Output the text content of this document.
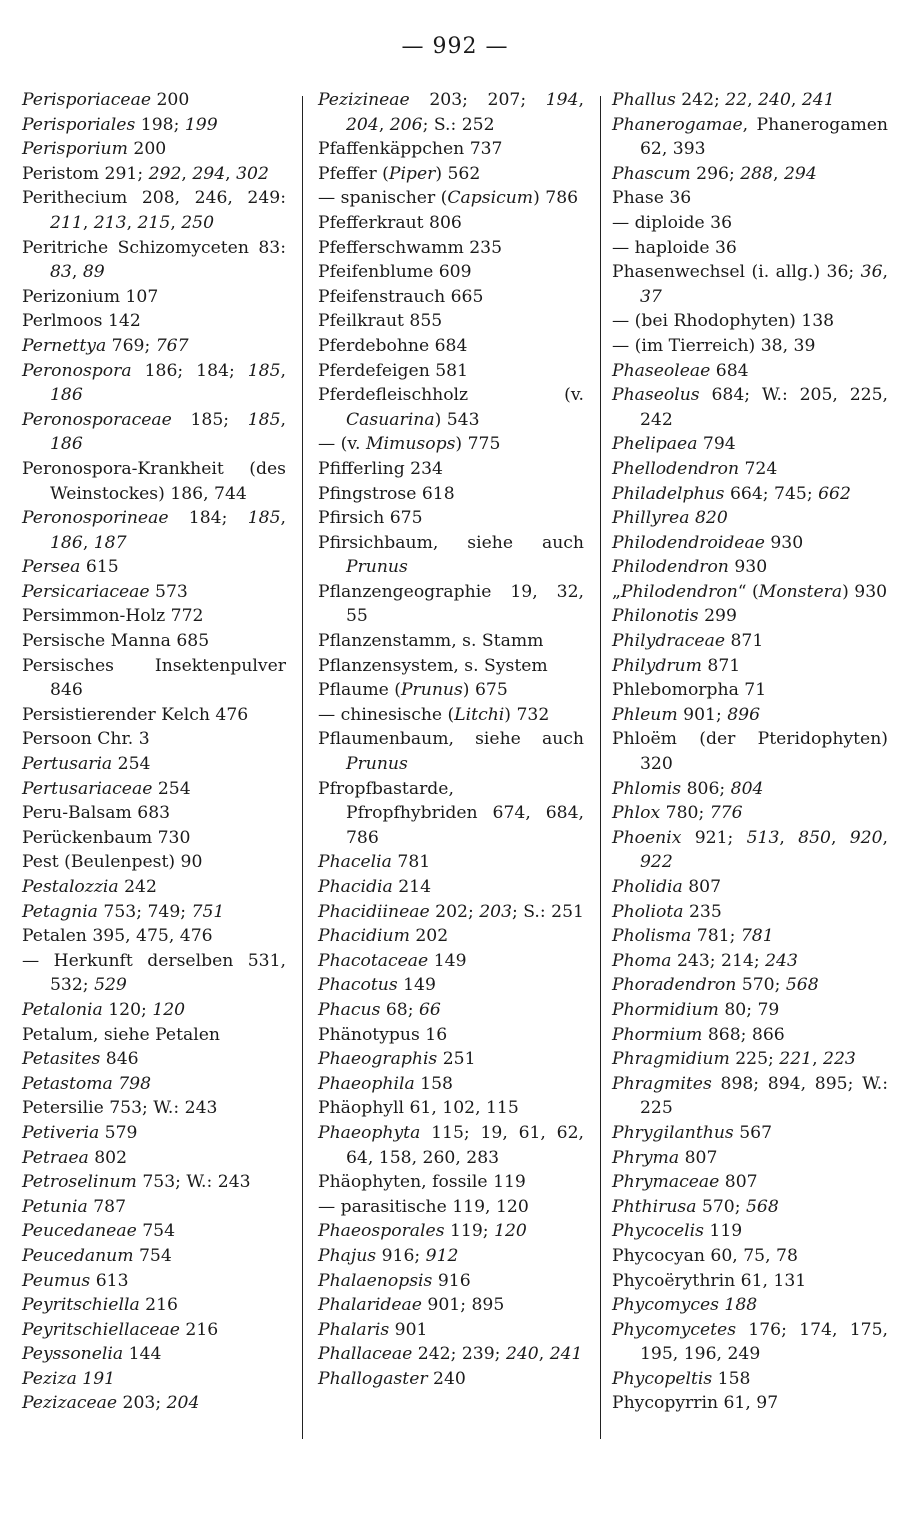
— 992 —
Perisporiaceae 200
Perisporiales 198; 199
Perisporium 200
Peristom 291; 292, 294, 302
Perithecium 208, 246, 249: 211, 213, 215, 250
Peritriche Schizomyceten 83: 83, 89
Perizonium 107
Perlmoos 142
Pernettya 769; 767
Peronospora 186; 184; 185, 186
Peronosporaceae 185; 185, 186
Peronospora-Krankheit (des Weinstockes) 186, 744
Peronosporineae 184; 185, 186, 187
Persea 615
Persicariaceae 573
Persimmon-Holz 772
Persische Manna 685
Persisches Insektenpulver 846
Persistierender Kelch 476
Persoon Chr. 3
Pertusaria 254
Pertusariaceae 254
Peru-Balsam 683
Perückenbaum 730
Pest (Beulenpest) 90
Pestalozzia 242
Petagnia 753; 749; 751
Petalen 395, 475, 476
— Herkunft derselben 531, 532; 529
Petalonia 120; 120
Petalum, siehe Petalen
Petasites 846
Petastoma 798
Petersilie 753; W.: 243
Petiveria 579
Petraea 802
Petroselinum 753; W.: 243
Petunia 787
Peucedaneae 754
Peucedanum 754
Peumus 613
Peyritschiella 216
Peyritschiellaceae 216
Peyssonelia 144
Peziza 191
Pezizaceae 203; 204
Pezizineae 203; 207; 194, 204, 206; S.: 252
Pfaffenkäppchen 737
Pfeffer (Piper) 562
— spanischer (Capsicum) 786
Pfefferkraut 806
Pfefferschwamm 235
Pfeifenblume 609
Pfeifenstrauch 665
Pfeilkraut 855
Pferdebohne 684
Pferdefeigen 581
Pferdefleischholz (v. Casuarina) 543
— (v. Mimusops) 775
Pfifferling 234
Pfingstrose 618
Pfirsich 675
Pfirsichbaum, siehe auch Prunus
Pflanzengeographie 19, 32, 55
Pflanzenstamm, s. Stamm
Pflanzensystem, s. System
Pflaume (Prunus) 675
— chinesische (Litchi) 732
Pflaumenbaum, siehe auch Prunus
Pfropfbastarde, Pfropfhybriden 674, 684, 786
Phacelia 781
Phacidia 214
Phacidiineae 202; 203; S.: 251
Phacidium 202
Phacotaceae 149
Phacotus 149
Phacus 68; 66
Phänotypus 16
Phaeographis 251
Phaeophila 158
Phäophyll 61, 102, 115
Phaeophyta 115; 19, 61, 62, 64, 158, 260, 283
Phäophyten, fossile 119
— parasitische 119, 120
Phaeosporales 119; 120
Phajus 916; 912
Phalaenopsis 916
Phalarideae 901; 895
Phalaris 901
Phallaceae 242; 239; 240, 241
Phallogaster 240
Phallus 242; 22, 240, 241
Phanerogamae, Phanerogamen 62, 393
Phascum 296; 288, 294
Phase 36
— diploide 36
— haploide 36
Phasenwechsel (i. allg.) 36; 36, 37
— (bei Rhodophyten) 138
— (im Tierreich) 38, 39
Phaseoleae 684
Phaseolus 684; W.: 205, 225, 242
Phelipaea 794
Phellodendron 724
Philadelphus 664; 745; 662
Phillyrea 820
Philodendroideae 930
Philodendron 930
„Philodendron“ (Monstera) 930
Philonotis 299
Philydraceae 871
Philydrum 871
Phlebomorpha 71
Phleum 901; 896
Phloëm (der Pteridophyten) 320
Phlomis 806; 804
Phlox 780; 776
Phoenix 921; 513, 850, 920, 922
Pholidia 807
Pholiota 235
Pholisma 781; 781
Phoma 243; 214; 243
Phoradendron 570; 568
Phormidium 80; 79
Phormium 868; 866
Phragmidium 225; 221, 223
Phragmites 898; 894, 895; W.: 225
Phrygilanthus 567
Phryma 807
Phrymaceae 807
Phthirusa 570; 568
Phycocelis 119
Phycocyan 60, 75, 78
Phycoërythrin 61, 131
Phycomyces 188
Phycomycetes 176; 174, 175, 195, 196, 249
Phycopeltis 158
Phycopyrrin 61, 97
